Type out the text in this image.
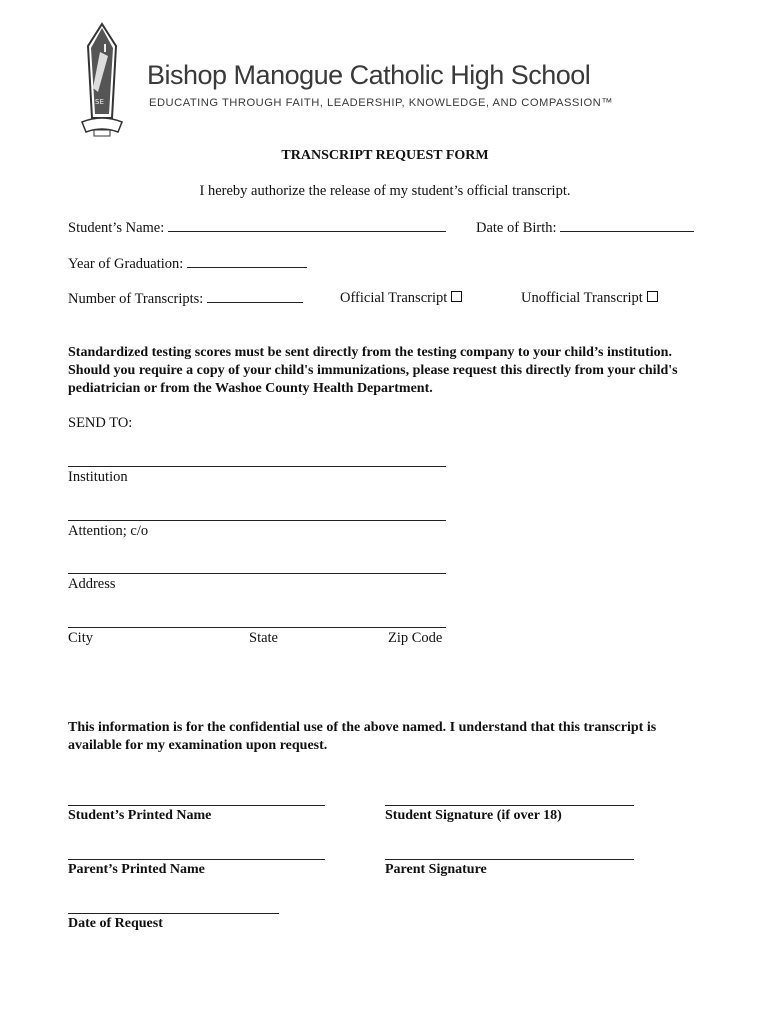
SE
Bishop Manogue Catholic High School
EDUCATING THROUGH FAITH, LEADERSHIP, KNOWLEDGE, AND COMPASSION™
TRANSCRIPT REQUEST FORM
I hereby authorize the release of my student’s official transcript.
Student’s Name:	Date of Birth:
Year of Graduation:
Number of Transcripts:	Official Transcript	Unofficial Transcript
Standardized testing scores must be sent directly from the testing company to your child’s institution. Should you require a copy of your child's immunizations, please request this directly from your child's pediatrician or from the Washoe County Health Department.
SEND TO:
Institution
Attention; c/o
Address
City	State	Zip Code
This information is for the confidential use of the above named. I understand that this transcript is available for my examination upon request.
Student’s Printed Name	Student Signature (if over 18)
Parent’s Printed Name	Parent Signature
Date of Request
